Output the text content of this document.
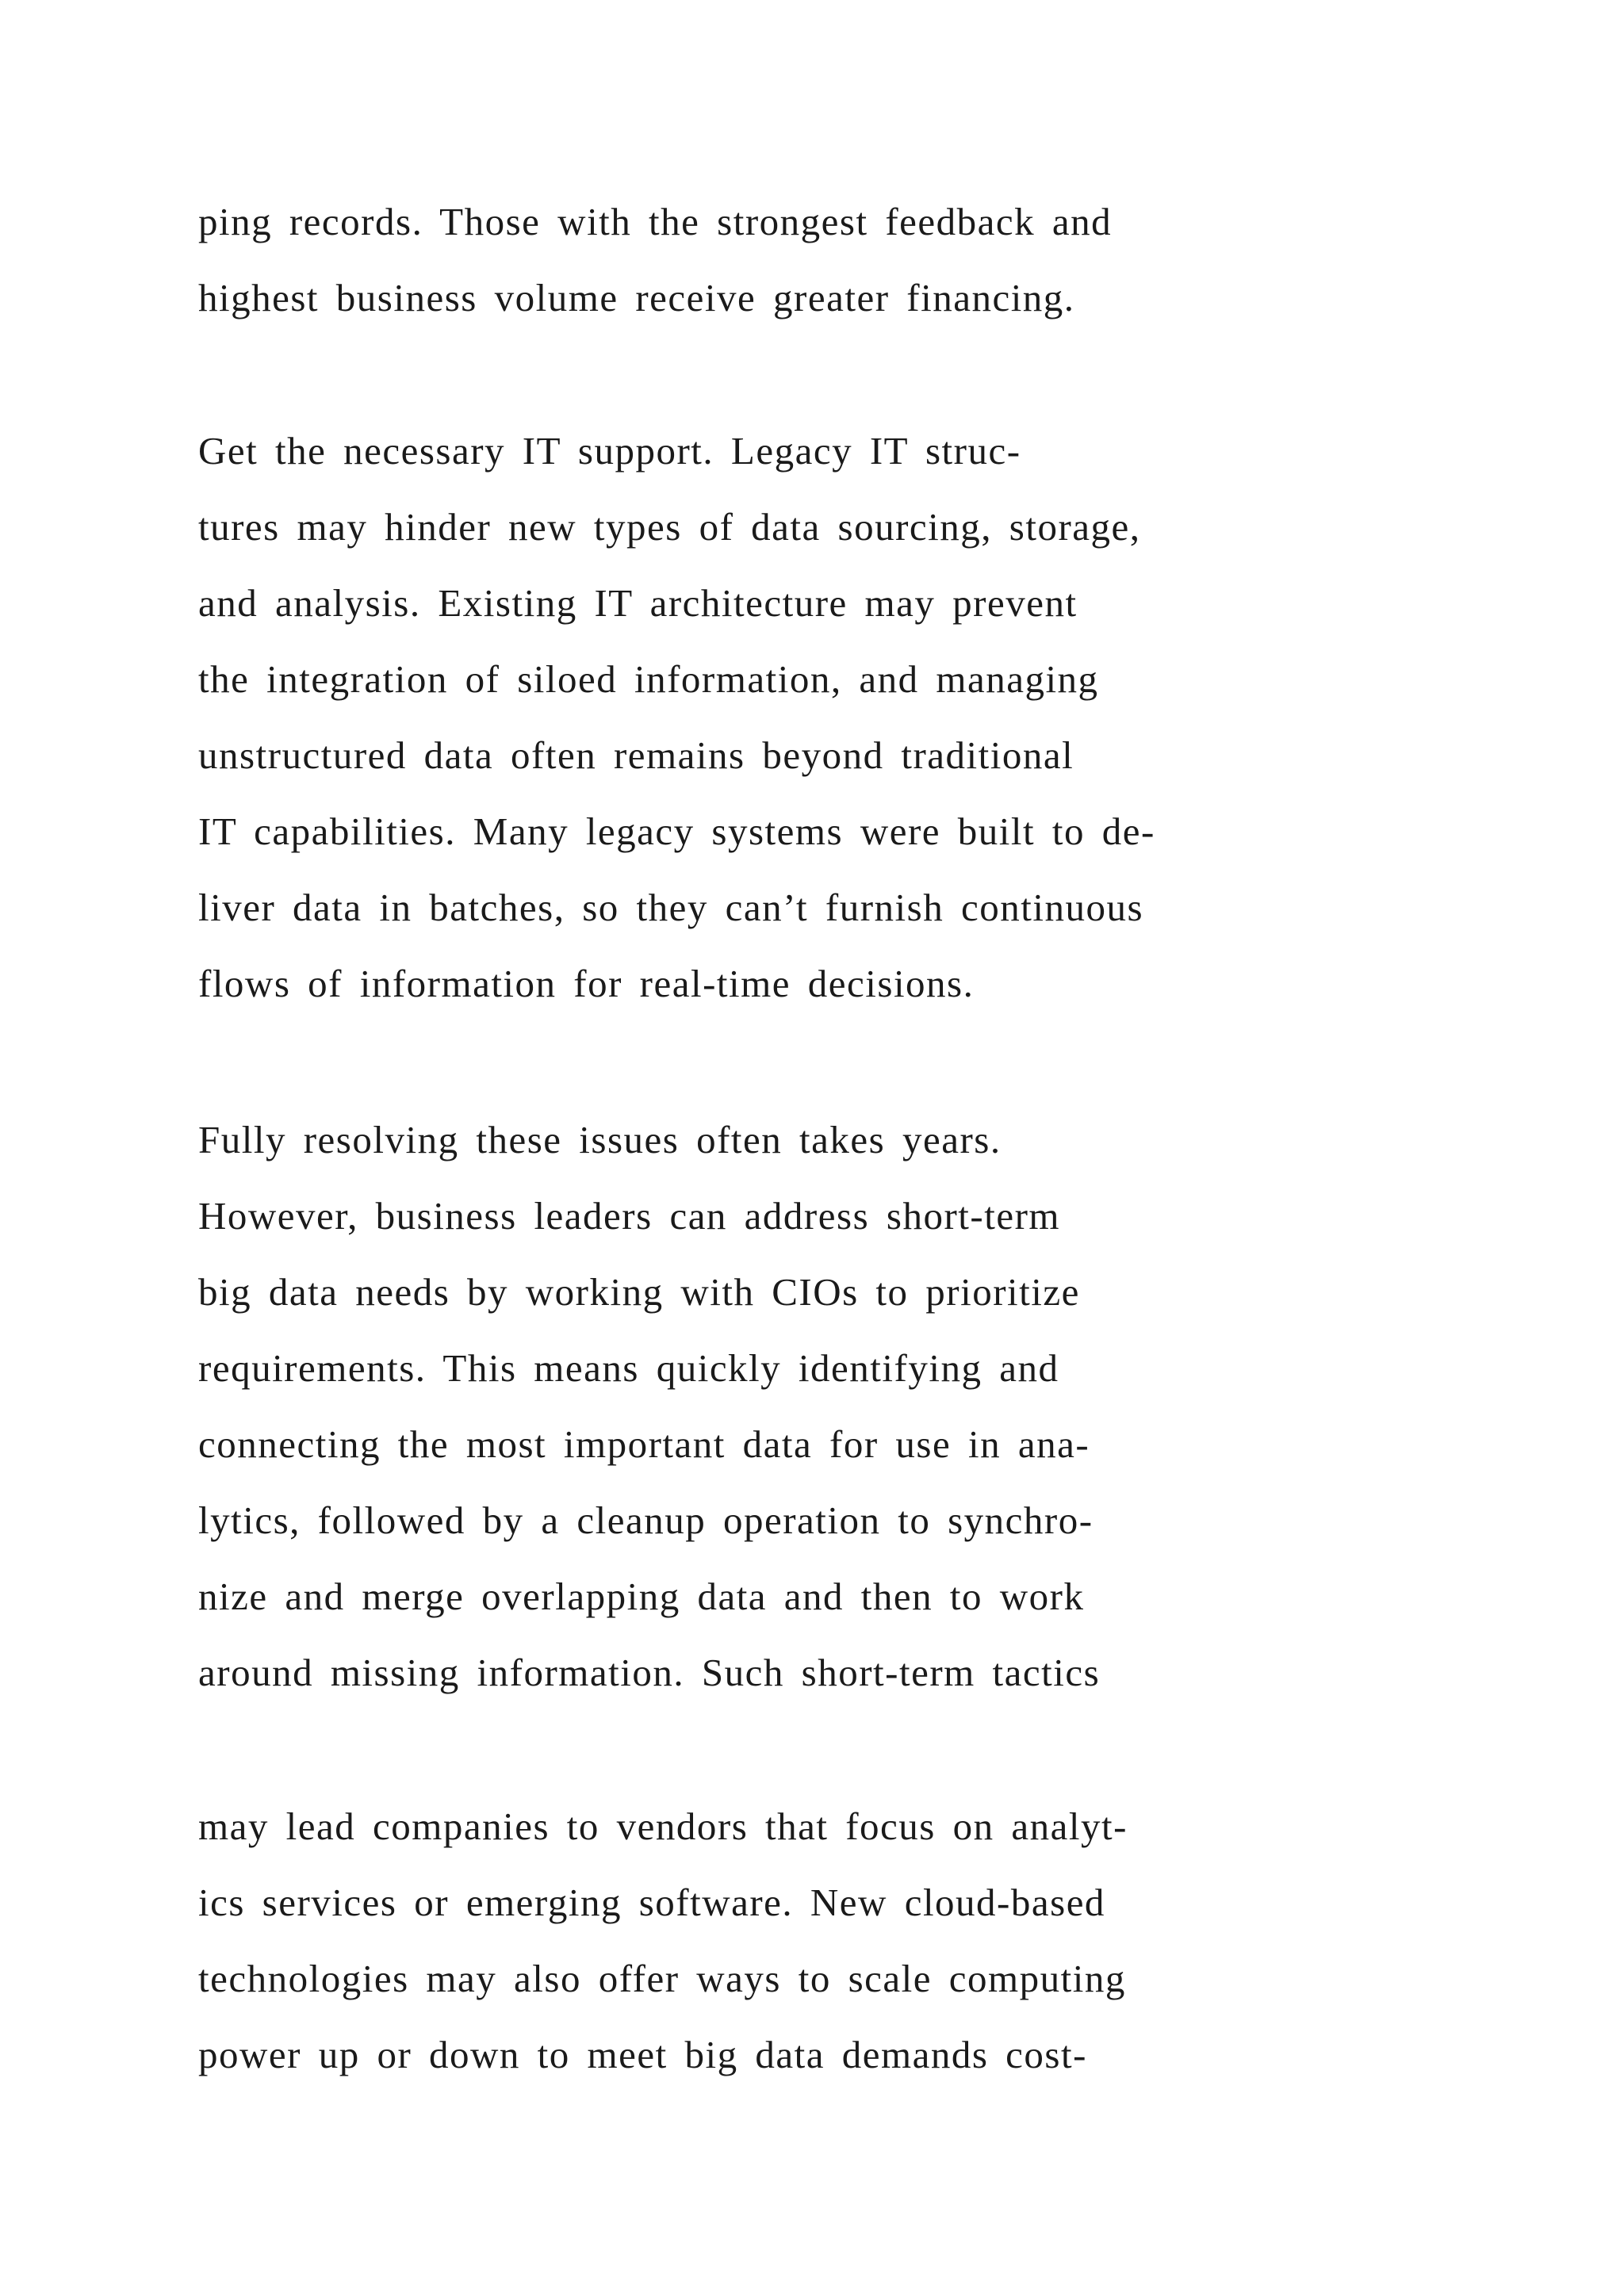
ping records. Those with the strongest feedback and
highest business volume receive greater financing.
Get the necessary IT support. Legacy IT struc-
tures may hinder new types of data sourcing, storage,
and analysis. Existing IT architecture may prevent
the integration of siloed information, and managing
unstructured data often remains beyond traditional
IT capabilities. Many legacy systems were built to de-
liver data in batches, so they can’t furnish continuous
flows of information for real-time decisions.
Fully resolving these issues often takes years.
However, business leaders can address short-term
big data needs by working with CIOs to prioritize
requirements. This means quickly identifying and
connecting the most important data for use in ana-
lytics, followed by a cleanup operation to synchro-
nize and merge overlapping data and then to work
around missing information. Such short-term tactics
may lead companies to vendors that focus on analyt-
ics services or emerging software. New cloud-based
technologies may also offer ways to scale computing
power up or down to meet big data demands cost-
